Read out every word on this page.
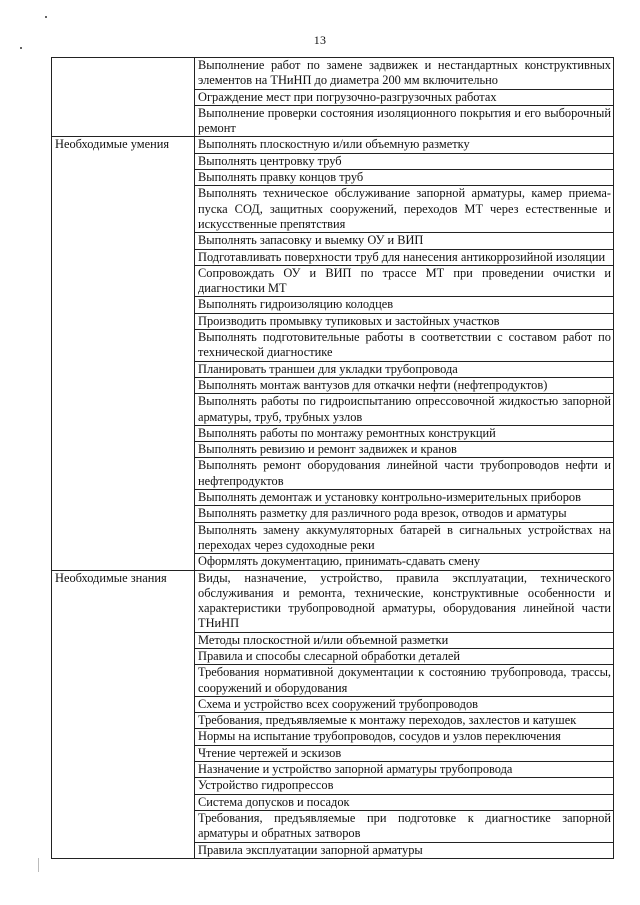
13
	Выполнение работ по замене задвижек и нестандартных конструктивных элементов на ТНиНП до диаметра 200 мм включительно
	Ограждение мест при погрузочно-разгрузочных работах
	Выполнение проверки состояния изоляционного покрытия и его выборочный ремонт
Необходимые умения	Выполнять плоскостную и/или объемную разметку
	Выполнять центровку труб
	Выполнять правку концов труб
	Выполнять техническое обслуживание запорной арматуры, камер приема-пуска СОД, защитных сооружений, переходов МТ через естественные и искусственные препятствия
	Выполнять запасовку и выемку ОУ и ВИП
	Подготавливать поверхности труб для нанесения антикоррозийной изоляции
	Сопровождать ОУ и ВИП по трассе МТ при проведении очистки и диагностики МТ
	Выполнять гидроизоляцию колодцев
	Производить промывку тупиковых и застойных участков
	Выполнять подготовительные работы в соответствии с составом работ по технической диагностике
	Планировать траншеи для укладки трубопровода
	Выполнять монтаж вантузов для откачки нефти (нефтепродуктов)
	Выполнять работы по гидроиспытанию опрессовочной жидкостью запорной арматуры, труб, трубных узлов
	Выполнять работы по монтажу ремонтных конструкций
	Выполнять ревизию и ремонт задвижек и кранов
	Выполнять ремонт оборудования линейной части трубопроводов нефти и нефтепродуктов
	Выполнять демонтаж и установку контрольно-измерительных приборов
	Выполнять разметку для различного рода врезок, отводов и арматуры
	Выполнять замену аккумуляторных батарей в сигнальных устройствах на переходах через судоходные реки
	Оформлять документацию, принимать-сдавать смену
Необходимые знания	Виды, назначение, устройство, правила эксплуатации, технического обслуживания и ремонта, технические, конструктивные особенности и характеристики трубопроводной арматуры, оборудования линейной части ТНиНП
	Методы плоскостной и/или объемной разметки
	Правила и способы слесарной обработки деталей
	Требования нормативной документации к состоянию трубопровода, трассы, сооружений и оборудования
	Схема и устройство всех сооружений трубопроводов
	Требования, предъявляемые к монтажу переходов, захлестов и катушек
	Нормы на испытание трубопроводов, сосудов и узлов переключения
	Чтение чертежей и эскизов
	Назначение и устройство запорной арматуры трубопровода
	Устройство гидропрессов
	Система допусков и посадок
	Требования, предъявляемые при подготовке к диагностике запорной арматуры и обратных затворов
	Правила эксплуатации запорной арматуры
